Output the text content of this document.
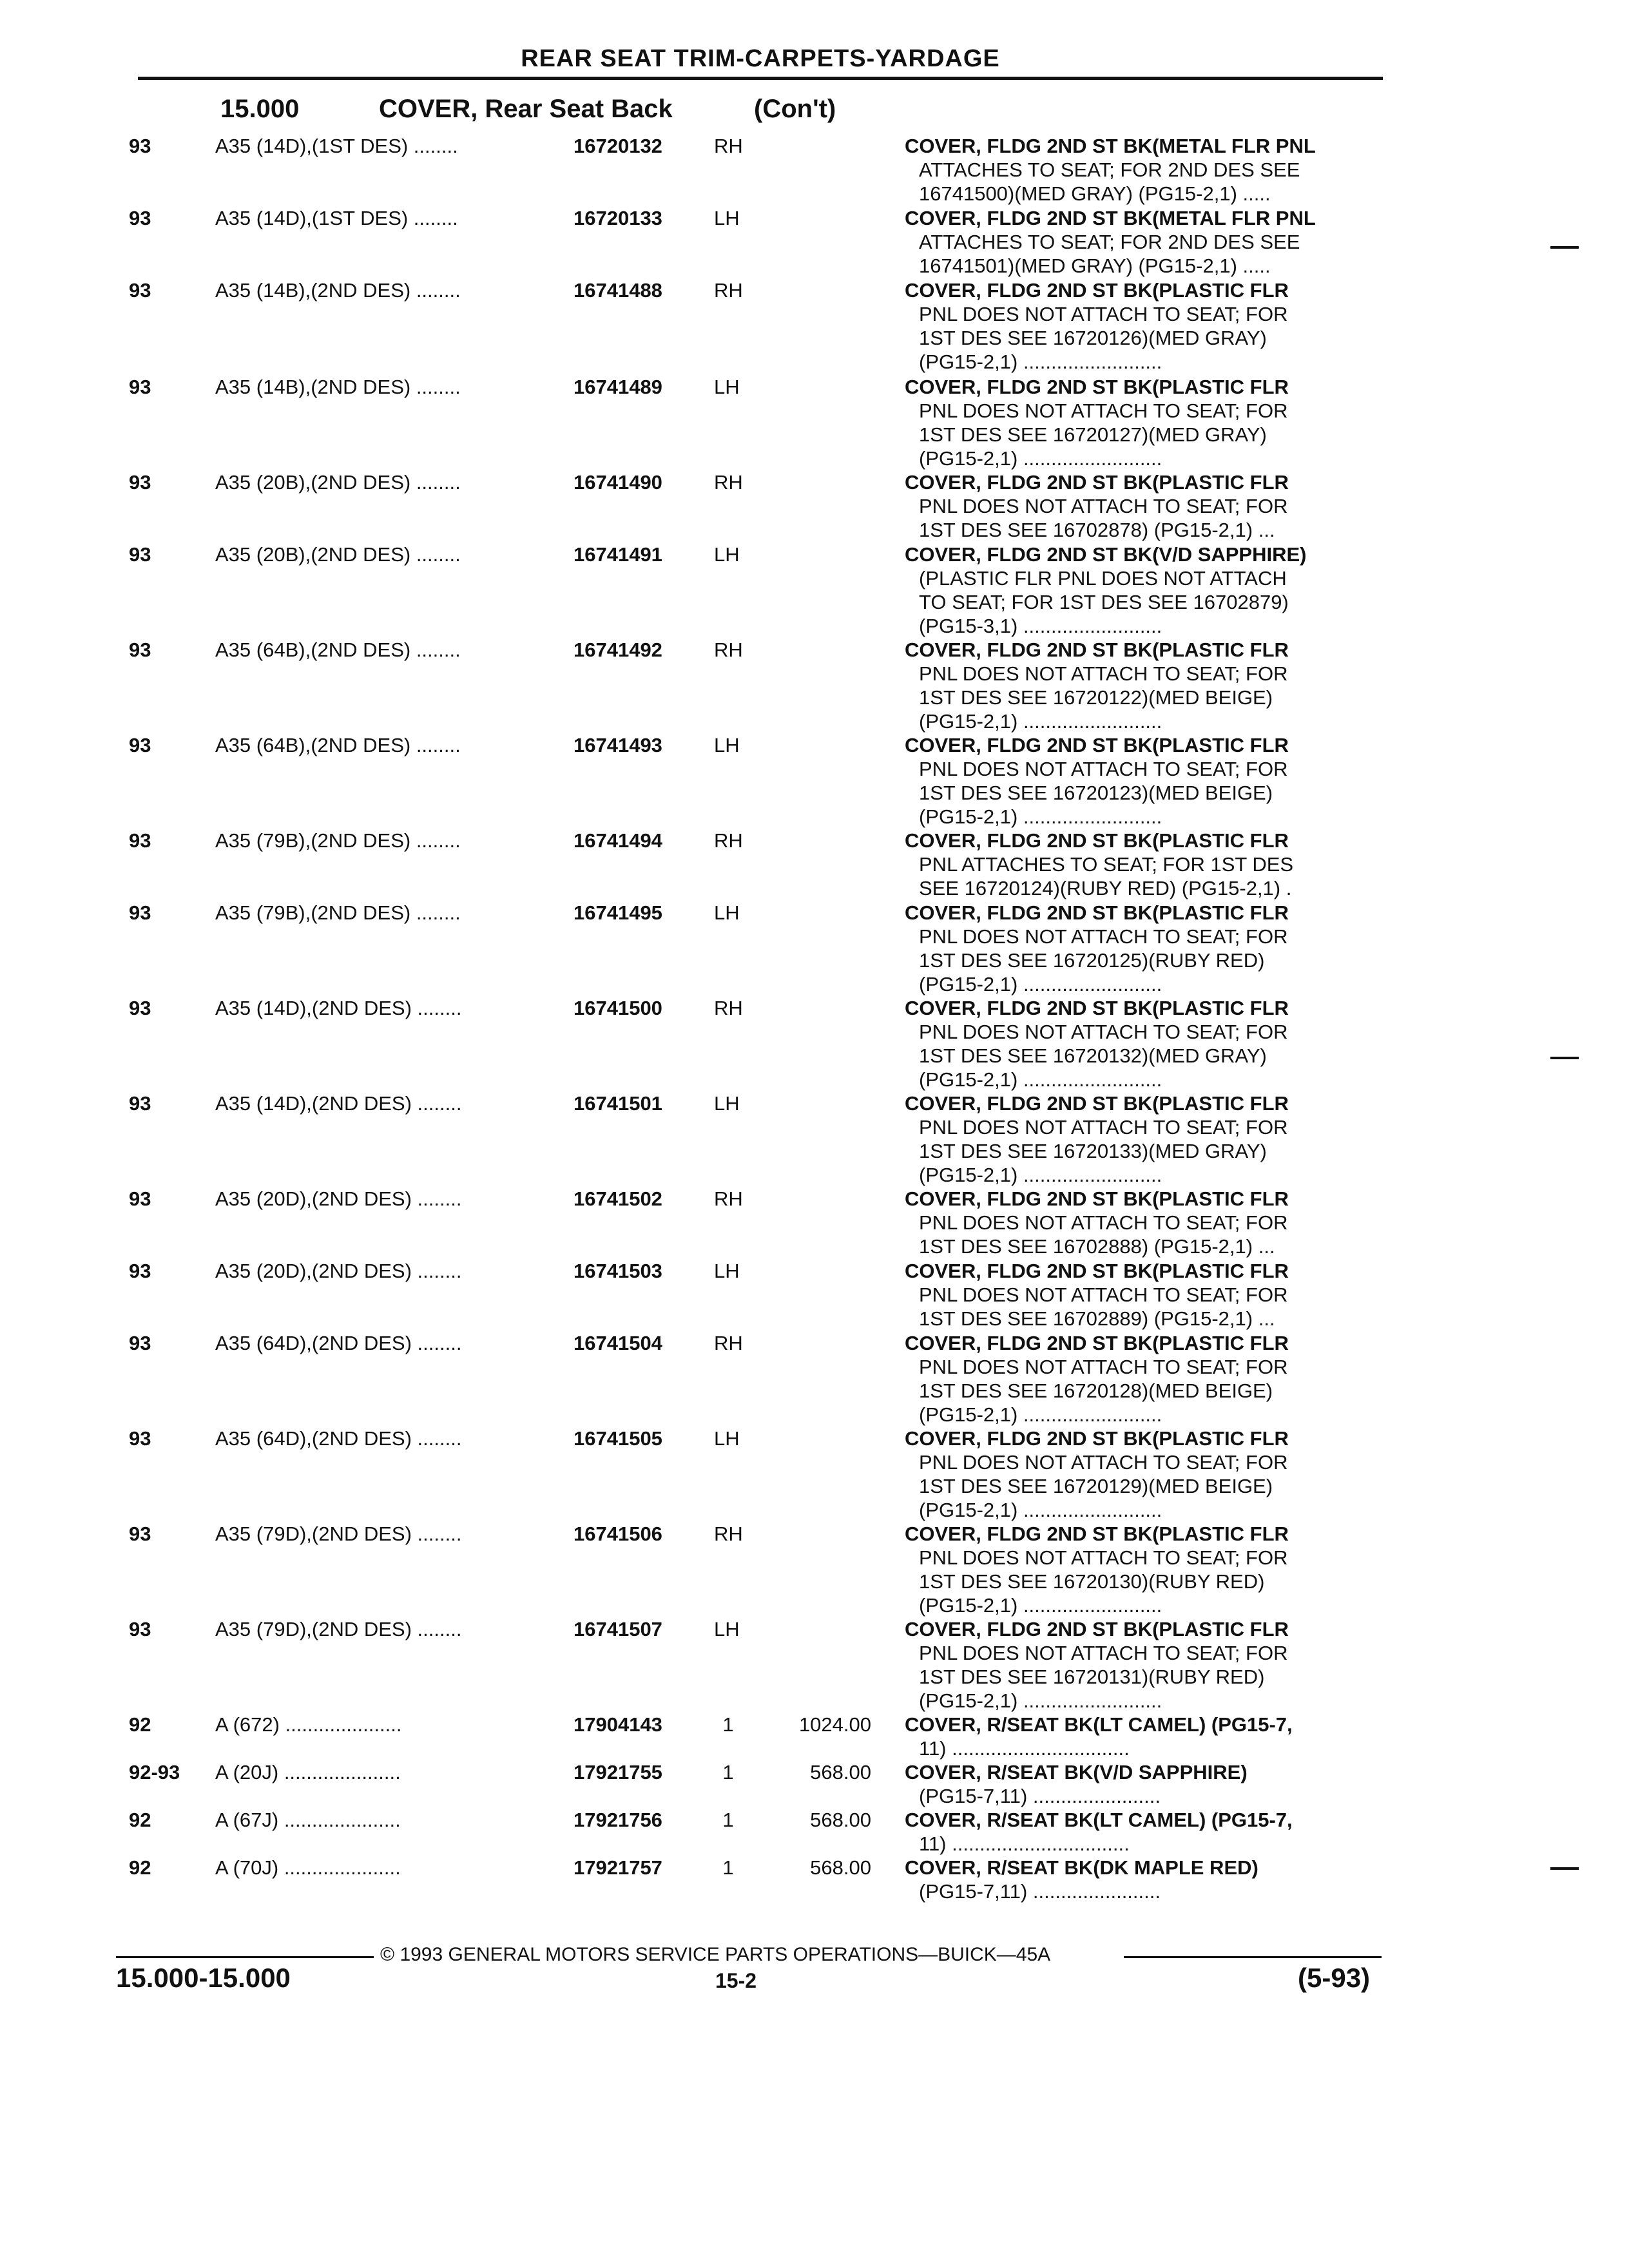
REAR SEAT TRIM-CARPETS-YARDAGE
15.000	COVER, Rear Seat Back	(Con't)
93	A35 (14D),(1ST DES) ........	16720132	RH	COVER, FLDG 2ND ST BK(METAL FLR PNL
ATTACHES TO SEAT; FOR 2ND DES SEE
16741500)(MED GRAY) (PG15-2,1) .....
93	A35 (14D),(1ST DES) ........	16720133	LH	COVER, FLDG 2ND ST BK(METAL FLR PNL
ATTACHES TO SEAT; FOR 2ND DES SEE
16741501)(MED GRAY) (PG15-2,1) .....
93	A35 (14B),(2ND DES) ........	16741488	RH	COVER, FLDG 2ND ST BK(PLASTIC FLR
PNL DOES NOT ATTACH TO SEAT; FOR
1ST DES SEE 16720126)(MED GRAY)
(PG15-2,1) .........................
93	A35 (14B),(2ND DES) ........	16741489	LH	COVER, FLDG 2ND ST BK(PLASTIC FLR
PNL DOES NOT ATTACH TO SEAT; FOR
1ST DES SEE 16720127)(MED GRAY)
(PG15-2,1) .........................
93	A35 (20B),(2ND DES) ........	16741490	RH	COVER, FLDG 2ND ST BK(PLASTIC FLR
PNL DOES NOT ATTACH TO SEAT; FOR
1ST DES SEE 16702878) (PG15-2,1) ...
93	A35 (20B),(2ND DES) ........	16741491	LH	COVER, FLDG 2ND ST BK(V/D SAPPHIRE)
(PLASTIC FLR PNL DOES NOT ATTACH
TO SEAT; FOR 1ST DES SEE 16702879)
(PG15-3,1) .........................
93	A35 (64B),(2ND DES) ........	16741492	RH	COVER, FLDG 2ND ST BK(PLASTIC FLR
PNL DOES NOT ATTACH TO SEAT; FOR
1ST DES SEE 16720122)(MED BEIGE)
(PG15-2,1) .........................
93	A35 (64B),(2ND DES) ........	16741493	LH	COVER, FLDG 2ND ST BK(PLASTIC FLR
PNL DOES NOT ATTACH TO SEAT; FOR
1ST DES SEE 16720123)(MED BEIGE)
(PG15-2,1) .........................
93	A35 (79B),(2ND DES) ........	16741494	RH	COVER, FLDG 2ND ST BK(PLASTIC FLR
PNL ATTACHES TO SEAT; FOR 1ST DES
SEE 16720124)(RUBY RED) (PG15-2,1) .
93	A35 (79B),(2ND DES) ........	16741495	LH	COVER, FLDG 2ND ST BK(PLASTIC FLR
PNL DOES NOT ATTACH TO SEAT; FOR
1ST DES SEE 16720125)(RUBY RED)
(PG15-2,1) .........................
93	A35 (14D),(2ND DES) ........	16741500	RH	COVER, FLDG 2ND ST BK(PLASTIC FLR
PNL DOES NOT ATTACH TO SEAT; FOR
1ST DES SEE 16720132)(MED GRAY)
(PG15-2,1) .........................
93	A35 (14D),(2ND DES) ........	16741501	LH	COVER, FLDG 2ND ST BK(PLASTIC FLR
PNL DOES NOT ATTACH TO SEAT; FOR
1ST DES SEE 16720133)(MED GRAY)
(PG15-2,1) .........................
93	A35 (20D),(2ND DES) ........	16741502	RH	COVER, FLDG 2ND ST BK(PLASTIC FLR
PNL DOES NOT ATTACH TO SEAT; FOR
1ST DES SEE 16702888) (PG15-2,1) ...
93	A35 (20D),(2ND DES) ........	16741503	LH	COVER, FLDG 2ND ST BK(PLASTIC FLR
PNL DOES NOT ATTACH TO SEAT; FOR
1ST DES SEE 16702889) (PG15-2,1) ...
93	A35 (64D),(2ND DES) ........	16741504	RH	COVER, FLDG 2ND ST BK(PLASTIC FLR
PNL DOES NOT ATTACH TO SEAT; FOR
1ST DES SEE 16720128)(MED BEIGE)
(PG15-2,1) .........................
93	A35 (64D),(2ND DES) ........	16741505	LH	COVER, FLDG 2ND ST BK(PLASTIC FLR
PNL DOES NOT ATTACH TO SEAT; FOR
1ST DES SEE 16720129)(MED BEIGE)
(PG15-2,1) .........................
93	A35 (79D),(2ND DES) ........	16741506	RH	COVER, FLDG 2ND ST BK(PLASTIC FLR
PNL DOES NOT ATTACH TO SEAT; FOR
1ST DES SEE 16720130)(RUBY RED)
(PG15-2,1) .........................
93	A35 (79D),(2ND DES) ........	16741507	LH	COVER, FLDG 2ND ST BK(PLASTIC FLR
PNL DOES NOT ATTACH TO SEAT; FOR
1ST DES SEE 16720131)(RUBY RED)
(PG15-2,1) .........................
92	A (672) .....................	17904143	1	1024.00 COVER, R/SEAT BK(LT CAMEL) (PG15-7,
11) ................................
92-93	A (20J) .....................	17921755	1	568.00 COVER, R/SEAT BK(V/D SAPPHIRE)
(PG15-7,11) .......................
92	A (67J) .....................	17921756	1	568.00 COVER, R/SEAT BK(LT CAMEL) (PG15-7,
11) ................................
92	A (70J) .....................	17921757	1	568.00 COVER, R/SEAT BK(DK MAPLE RED)
(PG15-7,11) .......................
© 1993 GENERAL MOTORS SERVICE PARTS OPERATIONS—BUICK—45A
15.000-15.000	15-2	(5-93)
